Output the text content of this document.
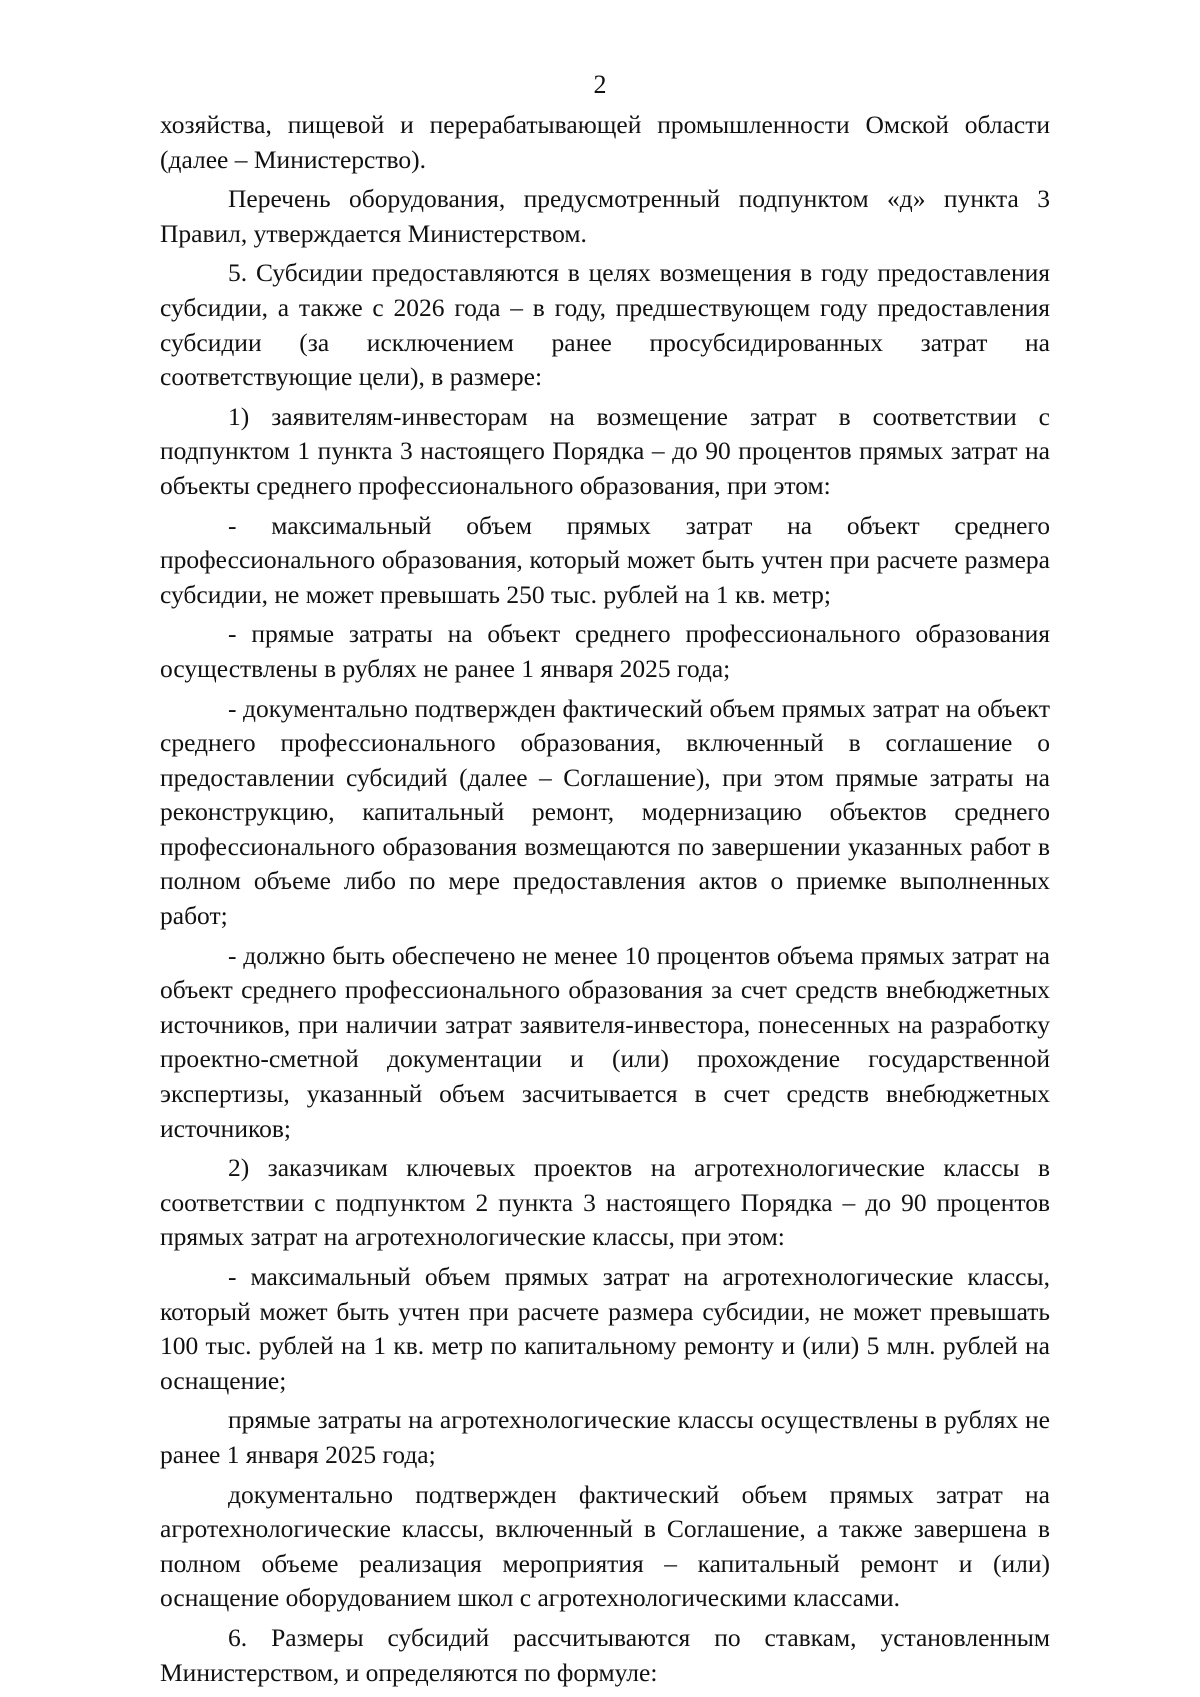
2

хозяйства, пищевой и перерабатывающей промышленности Омской области (далее – Министерство).

Перечень оборудования, предусмотренный подпунктом «д» пункта 3 Правил, утверждается Министерством.

5. Субсидии предоставляются в целях возмещения в году предоставления субсидии, а также с 2026 года – в году, предшествующем году предоставления субсидии (за исключением ранее просубсидированных затрат на соответствующие цели), в размере:

1) заявителям-инвесторам на возмещение затрат в соответствии с подпунктом 1 пункта 3 настоящего Порядка – до 90 процентов прямых затрат на объекты среднего профессионального образования, при этом:

- максимальный объем прямых затрат на объект среднего профессионального образования, который может быть учтен при расчете размера субсидии, не может превышать 250 тыс. рублей на 1 кв. метр;

- прямые затраты на объект среднего профессионального образования осуществлены в рублях не ранее 1 января 2025 года;

- документально подтвержден фактический объем прямых затрат на объект среднего профессионального образования, включенный в соглашение о предоставлении субсидий (далее – Соглашение), при этом прямые затраты на реконструкцию, капитальный ремонт, модернизацию объектов среднего профессионального образования возмещаются по завершении указанных работ в полном объеме либо по мере предоставления актов о приемке выполненных работ;

- должно быть обеспечено не менее 10 процентов объема прямых затрат на объект среднего профессионального образования за счет средств внебюджетных источников, при наличии затрат заявителя-инвестора, понесенных на разработку проектно-сметной документации и (или) прохождение государственной экспертизы, указанный объем засчитывается в счет средств внебюджетных источников;

2) заказчикам ключевых проектов на агротехнологические классы в соответствии с подпунктом 2 пункта 3 настоящего Порядка – до 90 процентов прямых затрат на агротехнологические классы, при этом:

- максимальный объем прямых затрат на агротехнологические классы, который может быть учтен при расчете размера субсидии, не может превышать 100 тыс. рублей на 1 кв. метр по капитальному ремонту и (или) 5 млн. рублей на оснащение;

прямые затраты на агротехнологические классы осуществлены в рублях не ранее 1 января 2025 года;

документально подтвержден фактический объем прямых затрат на агротехнологические классы, включенный в Соглашение, а также завершена в полном объеме реализация мероприятия – капитальный ремонт и (или) оснащение оборудованием школ с агротехнологическими классами.

6. Размеры субсидий рассчитываются по ставкам, установленным Министерством, и определяются по формуле:
